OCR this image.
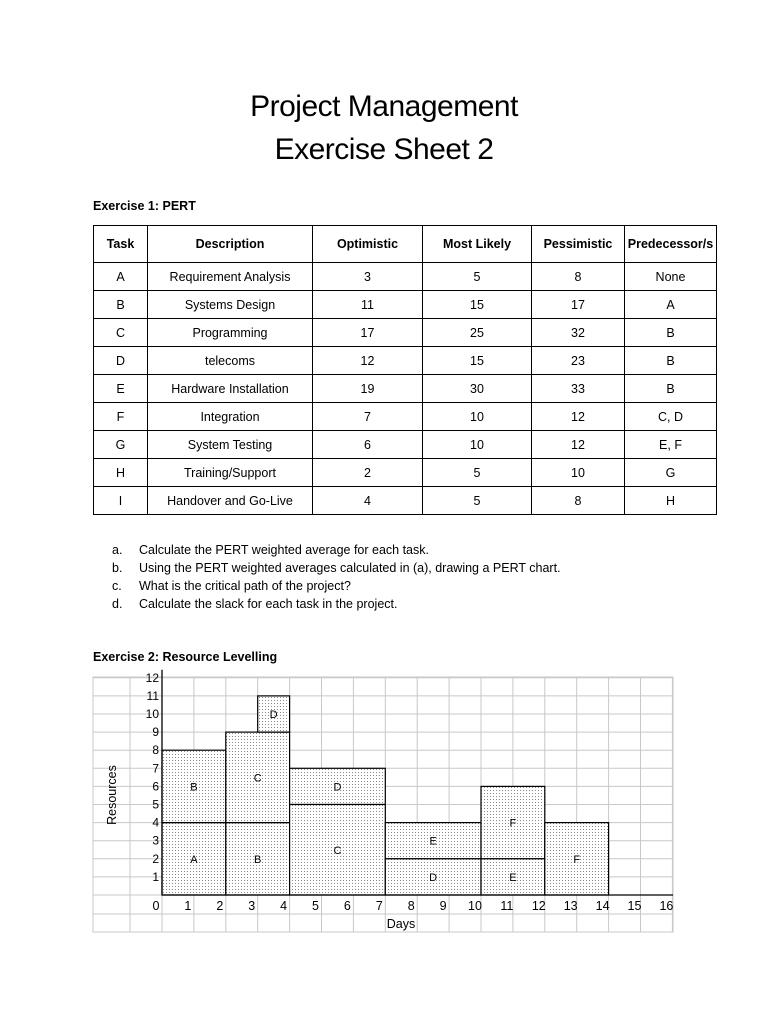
Project Management
Exercise Sheet 2
Exercise 1: PERT
Task	Description	Optimistic	Most Likely	Pessimistic	Predecessor/s
A	Requirement Analysis	3	5	8	None
B	Systems Design	11	15	17	A
C	Programming	17	25	32	B
D	telecoms	12	15	23	B
E	Hardware Installation	19	30	33	B
F	Integration	7	10	12	C, D
G	System Testing	6	10	12	E, F
H	Training/Support	2	5	10	G
I	Handover and Go-Live	4	5	8	H
a. Calculate the PERT weighted average for each task.
b. Using the PERT weighted averages calculated in (a), drawing a PERT chart.
c. What is the critical path of the project?
d. Calculate the slack for each task in the project.
Exercise 2: Resource Levelling
A
B
B
C
D
D
C
E
D
F
E
F
0 1 2 3 4 5 6 7 8 9 10 11 12 13 14 15 16
1
2
3
4
5
6
7
8
9
10
11
12
Days
Resources
